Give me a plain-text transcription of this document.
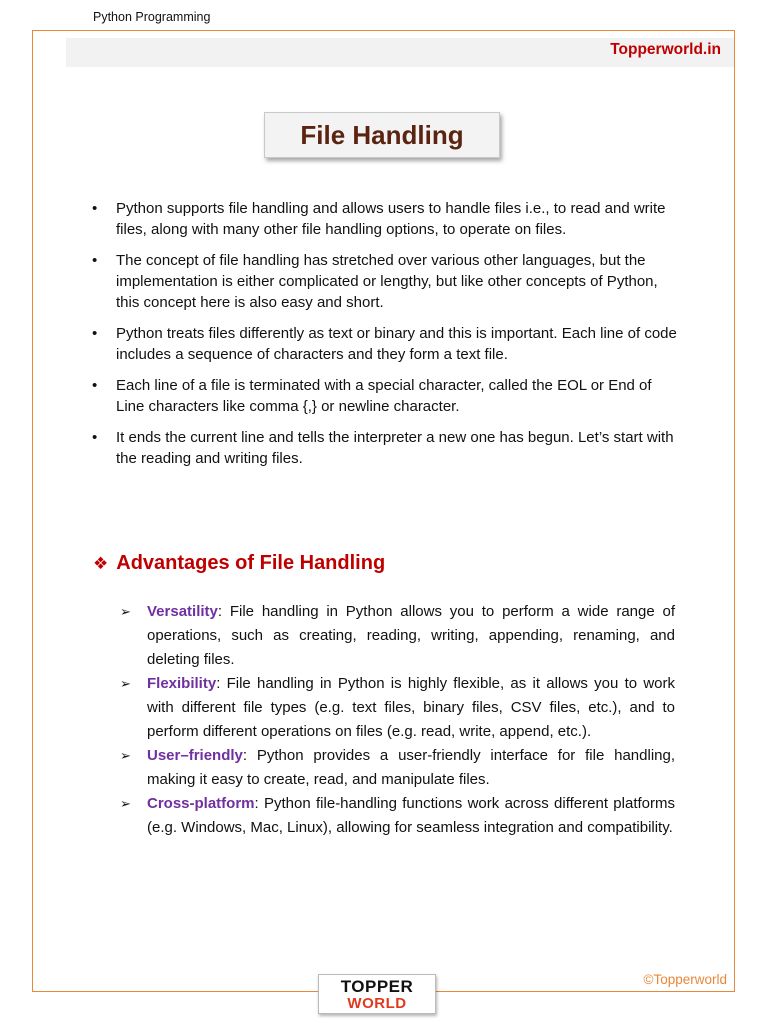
Python Programming
Topperworld.in
File Handling
• Python supports file handling and allows users to handle files i.e., to read and write files, along with many other file handling options, to operate on files.
• The concept of file handling has stretched over various other languages, but the implementation is either complicated or lengthy, but like other concepts of Python, this concept here is also easy and short.
• Python treats files differently as text or binary and this is important. Each line of code includes a sequence of characters and they form a text file.
• Each line of a file is terminated with a special character, called the EOL or End of Line characters like comma {,} or newline character.
• It ends the current line and tells the interpreter a new one has begun. Let’s start with the reading and writing files.
❖ Advantages of File Handling
➢ Versatility: File handling in Python allows you to perform a wide range of operations, such as creating, reading, writing, appending, renaming, and deleting files.
➢ Flexibility: File handling in Python is highly flexible, as it allows you to work with different file types (e.g. text files, binary files, CSV files, etc.), and to perform different operations on files (e.g. read, write, append, etc.).
➢ User–friendly: Python provides a user-friendly interface for file handling, making it easy to create, read, and manipulate files.
➢ Cross-platform: Python file-handling functions work across different platforms (e.g. Windows, Mac, Linux), allowing for seamless integration and compatibility.
©Topperworld
TOPPER
WORLD
